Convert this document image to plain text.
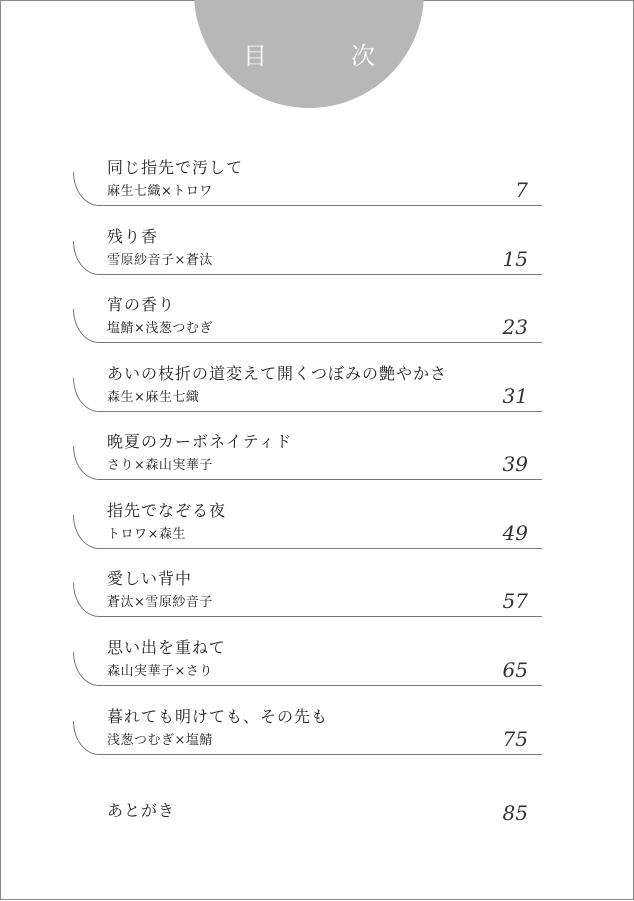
目　次
同じ指先で汚して
麻生七織×トロワ	7
残り香
雪原紗音子×蒼汰	15
宵の香り
塩鯖×浅葱つむぎ	23
あいの枝折の道変えて開くつぼみの艶やかさ
森生×麻生七織	31
晩夏のカーボネイティド
さり×森山実華子	39
指先でなぞる夜
トロワ×森生	49
愛しい背中
蒼汰×雪原紗音子	57
思い出を重ねて
森山実華子×さり	65
暮れても明けても、その先も
浅葱つむぎ×塩鯖	75
あとがき	85
